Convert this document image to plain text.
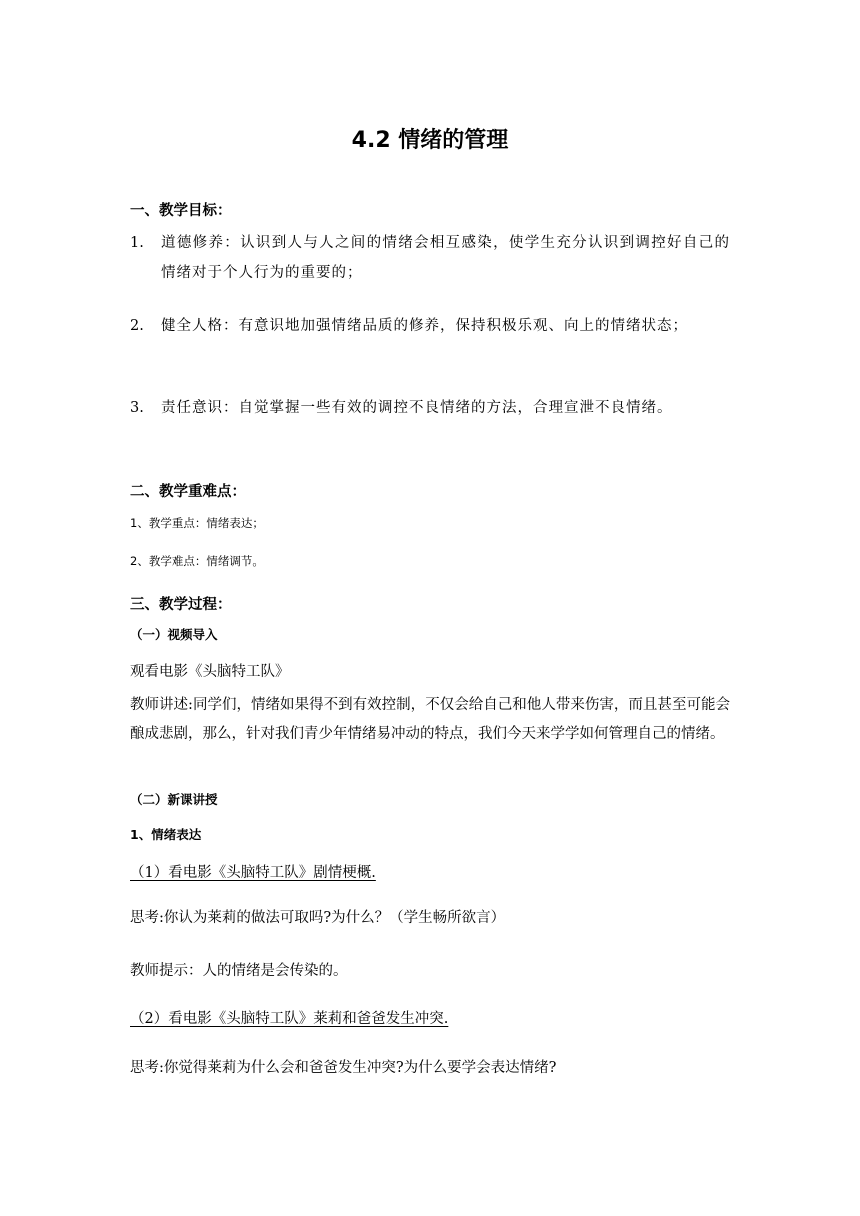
4.2 情绪的管理
一、教学目标：
1.	道德修养：认识到人与人之间的情绪会相互感染，使学生充分认识到调控好自己的情绪对于个人行为的重要的；
2.	健全人格：有意识地加强情绪品质的修养，保持积极乐观、向上的情绪状态；
3.	责任意识：自觉掌握一些有效的调控不良情绪的方法，合理宣泄不良情绪。
二、教学重难点：
1、教学重点：情绪表达；
2、教学难点：情绪调节。
三、教学过程：
（一）视频导入
观看电影《头脑特工队》
教师讲述:同学们，情绪如果得不到有效控制，不仅会给自己和他人带来伤害，而且甚至可能会酿成悲剧，那么，针对我们青少年情绪易冲动的特点，我们今天来学学如何管理自己的情绪。
（二）新课讲授
1、情绪表达
（1）看电影《头脑特工队》剧情梗概.
思考:你认为莱莉的做法可取吗?为什么？（学生畅所欲言）
教师提示：人的情绪是会传染的。
（2）看电影《头脑特工队》莱莉和爸爸发生冲突.
思考:你觉得莱莉为什么会和爸爸发生冲突?为什么要学会表达情绪?
